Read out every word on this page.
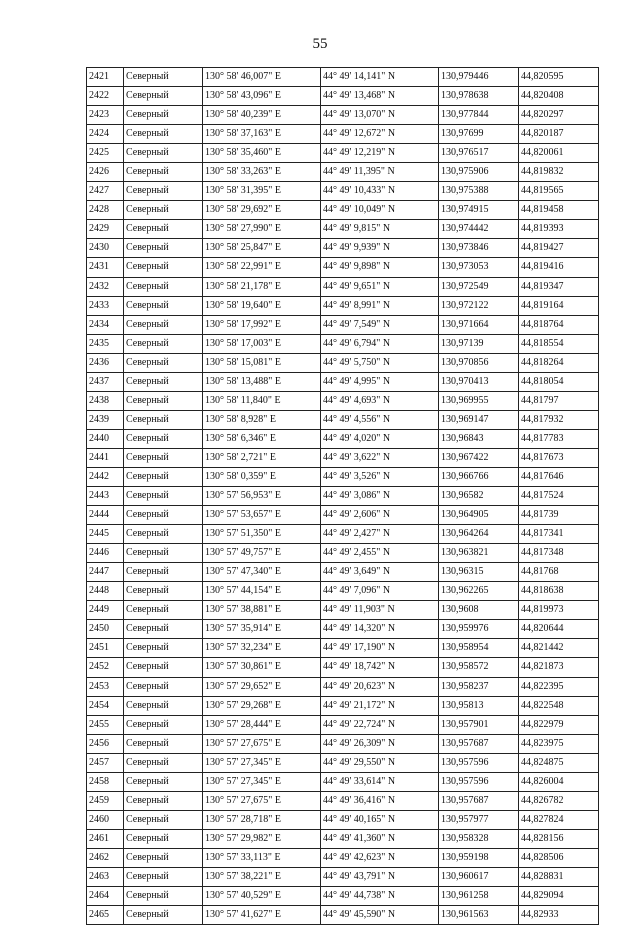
55
2421	Северный	130° 58' 46,007" E	44° 49' 14,141" N	130,979446	44,820595
2422	Северный	130° 58' 43,096" E	44° 49' 13,468" N	130,978638	44,820408
2423	Северный	130° 58' 40,239" E	44° 49' 13,070" N	130,977844	44,820297
2424	Северный	130° 58' 37,163" E	44° 49' 12,672" N	130,97699	44,820187
2425	Северный	130° 58' 35,460" E	44° 49' 12,219" N	130,976517	44,820061
2426	Северный	130° 58' 33,263" E	44° 49' 11,395" N	130,975906	44,819832
2427	Северный	130° 58' 31,395" E	44° 49' 10,433" N	130,975388	44,819565
2428	Северный	130° 58' 29,692" E	44° 49' 10,049" N	130,974915	44,819458
2429	Северный	130° 58' 27,990" E	44° 49' 9,815" N	130,974442	44,819393
2430	Северный	130° 58' 25,847" E	44° 49' 9,939" N	130,973846	44,819427
2431	Северный	130° 58' 22,991" E	44° 49' 9,898" N	130,973053	44,819416
2432	Северный	130° 58' 21,178" E	44° 49' 9,651" N	130,972549	44,819347
2433	Северный	130° 58' 19,640" E	44° 49' 8,991" N	130,972122	44,819164
2434	Северный	130° 58' 17,992" E	44° 49' 7,549" N	130,971664	44,818764
2435	Северный	130° 58' 17,003" E	44° 49' 6,794" N	130,97139	44,818554
2436	Северный	130° 58' 15,081" E	44° 49' 5,750" N	130,970856	44,818264
2437	Северный	130° 58' 13,488" E	44° 49' 4,995" N	130,970413	44,818054
2438	Северный	130° 58' 11,840" E	44° 49' 4,693" N	130,969955	44,81797
2439	Северный	130° 58' 8,928" E	44° 49' 4,556" N	130,969147	44,817932
2440	Северный	130° 58' 6,346" E	44° 49' 4,020" N	130,96843	44,817783
2441	Северный	130° 58' 2,721" E	44° 49' 3,622" N	130,967422	44,817673
2442	Северный	130° 58' 0,359" E	44° 49' 3,526" N	130,966766	44,817646
2443	Северный	130° 57' 56,953" E	44° 49' 3,086" N	130,96582	44,817524
2444	Северный	130° 57' 53,657" E	44° 49' 2,606" N	130,964905	44,81739
2445	Северный	130° 57' 51,350" E	44° 49' 2,427" N	130,964264	44,817341
2446	Северный	130° 57' 49,757" E	44° 49' 2,455" N	130,963821	44,817348
2447	Северный	130° 57' 47,340" E	44° 49' 3,649" N	130,96315	44,81768
2448	Северный	130° 57' 44,154" E	44° 49' 7,096" N	130,962265	44,818638
2449	Северный	130° 57' 38,881" E	44° 49' 11,903" N	130,9608	44,819973
2450	Северный	130° 57' 35,914" E	44° 49' 14,320" N	130,959976	44,820644
2451	Северный	130° 57' 32,234" E	44° 49' 17,190" N	130,958954	44,821442
2452	Северный	130° 57' 30,861" E	44° 49' 18,742" N	130,958572	44,821873
2453	Северный	130° 57' 29,652" E	44° 49' 20,623" N	130,958237	44,822395
2454	Северный	130° 57' 29,268" E	44° 49' 21,172" N	130,95813	44,822548
2455	Северный	130° 57' 28,444" E	44° 49' 22,724" N	130,957901	44,822979
2456	Северный	130° 57' 27,675" E	44° 49' 26,309" N	130,957687	44,823975
2457	Северный	130° 57' 27,345" E	44° 49' 29,550" N	130,957596	44,824875
2458	Северный	130° 57' 27,345" E	44° 49' 33,614" N	130,957596	44,826004
2459	Северный	130° 57' 27,675" E	44° 49' 36,416" N	130,957687	44,826782
2460	Северный	130° 57' 28,718" E	44° 49' 40,165" N	130,957977	44,827824
2461	Северный	130° 57' 29,982" E	44° 49' 41,360" N	130,958328	44,828156
2462	Северный	130° 57' 33,113" E	44° 49' 42,623" N	130,959198	44,828506
2463	Северный	130° 57' 38,221" E	44° 49' 43,791" N	130,960617	44,828831
2464	Северный	130° 57' 40,529" E	44° 49' 44,738" N	130,961258	44,829094
2465	Северный	130° 57' 41,627" E	44° 49' 45,590" N	130,961563	44,82933
